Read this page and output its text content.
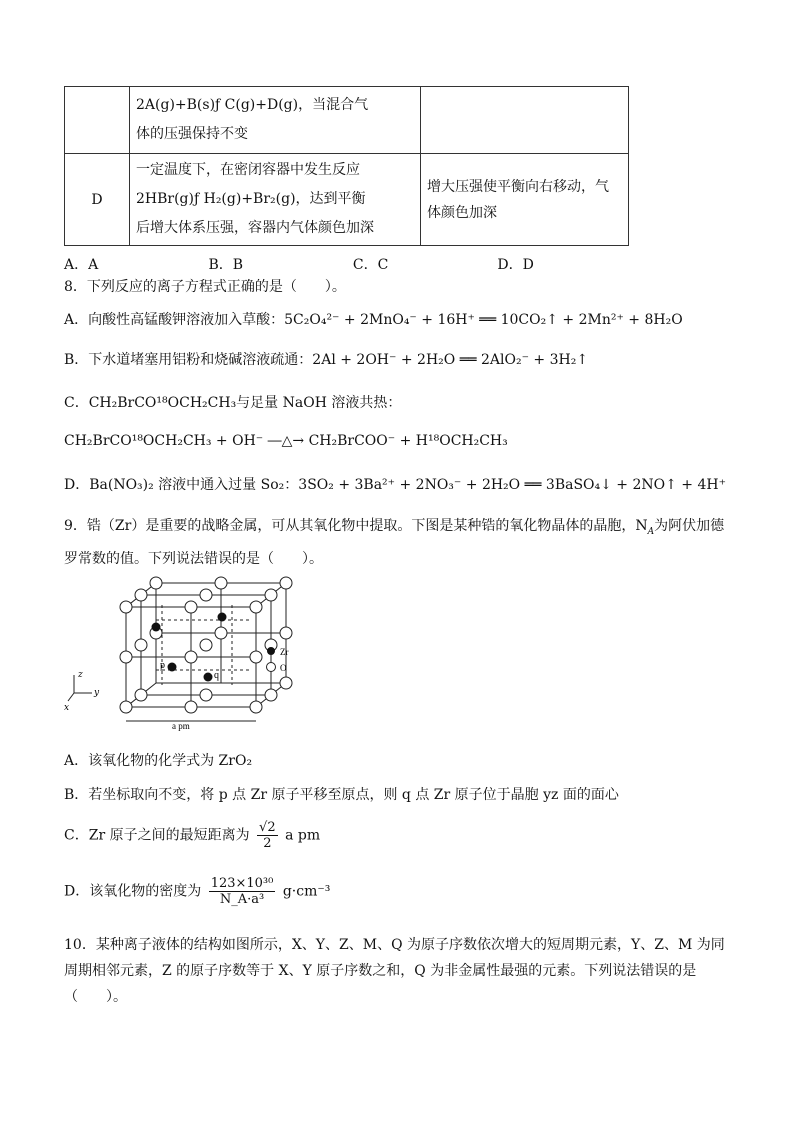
	2A(g)+B(s)ƒ C(g)+D(g)，当混合气
体的压强保持不变	

D	一定温度下，在密闭容器中发生反应
2HBr(g)ƒ H₂(g)+Br₂(g)，达到平衡
后增大体系压强，容器内气体颜色加深	增大压强使平衡向右移动，气体颜色加深
A．A	B．B	C．C	D．D
8．下列反应的离子方程式正确的是（　　）。
A．向酸性高锰酸钾溶液加入草酸：5C₂O₄²⁻ + 2MnO₄⁻ + 16H⁺ ══ 10CO₂↑ + 2Mn²⁺ + 8H₂O
B．下水道堵塞用铝粉和烧碱溶液疏通：2Al + 2OH⁻ + 2H₂O ══ 2AlO₂⁻ + 3H₂↑
C．CH₂BrCO¹⁸OCH₂CH₃与足量 NaOH 溶液共热：
CH₂BrCO¹⁸OCH₂CH₃ + OH⁻ ―△→ CH₂BrCOO⁻ + H¹⁸OCH₂CH₃
D．Ba(NO₃)₂ 溶液中通入过量 So₂：3SO₂ + 3Ba²⁺ + 2NO₃⁻ + 2H₂O ══ 3BaSO₄↓ + 2NO↑ + 4H⁺
9．锆（Zr）是重要的战略金属，可从其氧化物中提取。下图是某种锆的氧化物晶体的晶胞，$N_A$为阿伏加德
罗常数的值。下列说法错误的是（　　）。
p
q
Zr
O
z
y
x
a pm
A．该氧化物的化学式为 ZrO₂
B．若坐标取向不变，将 p 点 Zr 原子平移至原点，则 q 点 Zr 原子位于晶胞 yz 面的面心
C．Zr 原子之间的最短距离为 $\frac{√2}{2}$ a pm
D．该氧化物的密度为 $\frac{\text{123×10³⁰}}{\text{N\_A·a³}} g\cdot cm^{-3}$
10．某种离子液体的结构如图所示，X、Y、Z、M、Q 为原子序数依次增大的短周期元素，Y、Z、M 为同周期相邻元素，Z 的原子序数等于 X、Y 原子序数之和，Q 为非金属性最强的元素。下列说法错误的是（　　）。
